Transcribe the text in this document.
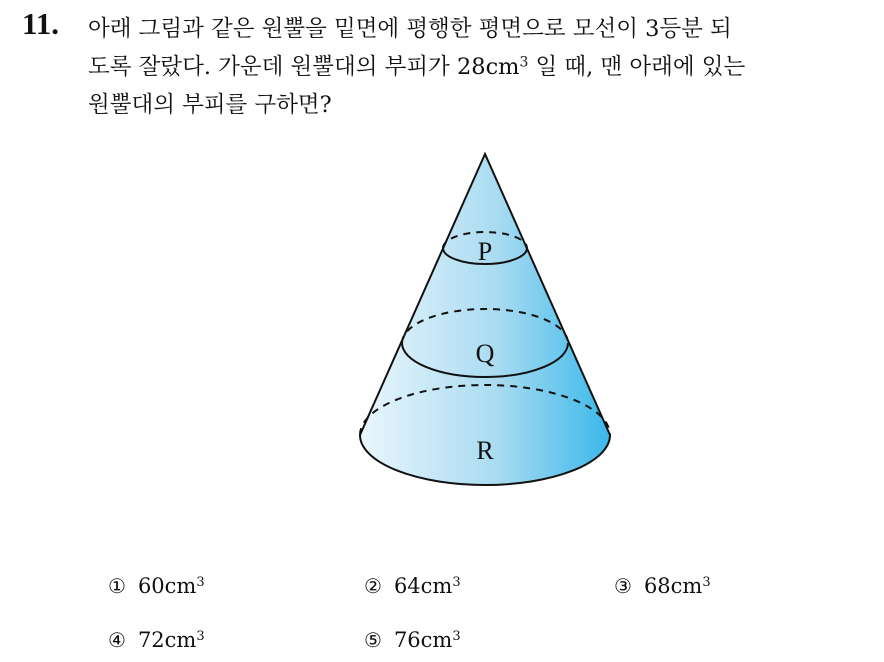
11. 아래 그림과 같은 원뿔을 밑면에 평행한 평면으로 모선이 3등분 되
도록 잘랐다. 가운데 원뿔대의 부피가 $28cm^3$ 일 때, 맨 아래에 있는
원뿔대의 부피를 구하면?
P
Q
R
① $60cm^3$	② $64cm^3$	③ $68cm^3$
④ $72cm^3$	⑤ $76cm^3$
